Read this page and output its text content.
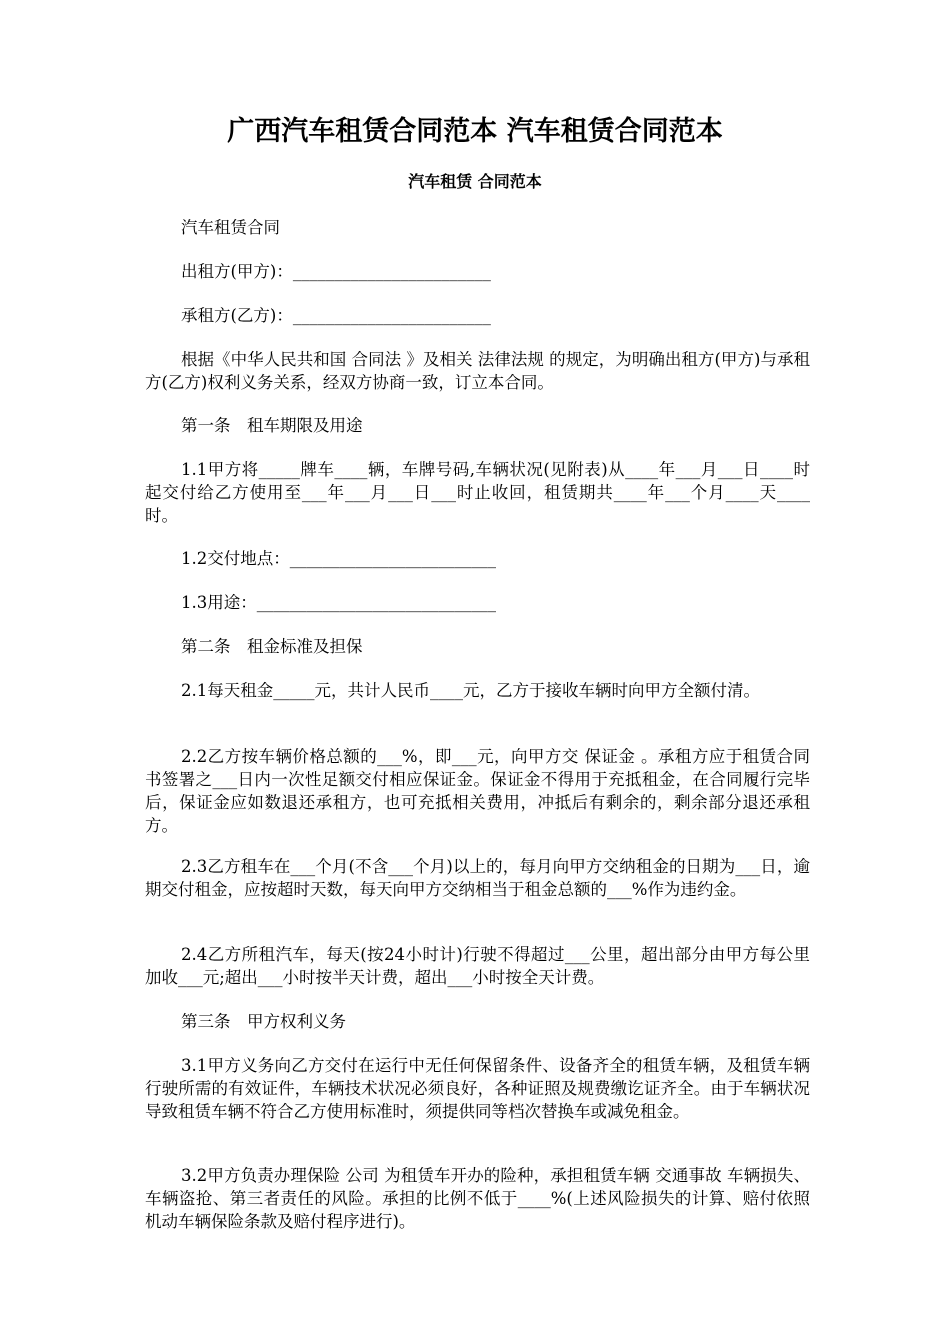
广西汽车租赁合同范本 汽车租赁合同范本
汽车租赁 合同范本

汽车租赁合同

出租方(甲方)：________________________

承租方(乙方)：________________________

根据《中华人民共和国 合同法 》及相关 法律法规 的规定，为明确出租方(甲方)与承租方(乙方)权利义务关系，经双方协商一致，订立本合同。

第一条　租车期限及用途

1.1甲方将_____牌车____辆，车牌号码,车辆状况(见附表)从____年___月___日____时起交付给乙方使用至___年___月___日___时止收回，租赁期共____年___个月____天____时。

1.2交付地点：_________________________

1.3用途：_____________________________

第二条　租金标准及担保

2.1每天租金_____元，共计人民币____元，乙方于接收车辆时向甲方全额付清。

2.2乙方按车辆价格总额的___%，即___元，向甲方交 保证金 。承租方应于租赁合同书签署之___日内一次性足额交付相应保证金。保证金不得用于充抵租金，在合同履行完毕后，保证金应如数退还承租方，也可充抵相关费用，冲抵后有剩余的，剩余部分退还承租方。

2.3乙方租车在___个月(不含___个月)以上的，每月向甲方交纳租金的日期为___日，逾期交付租金，应按超时天数，每天向甲方交纳相当于租金总额的___%作为违约金。

2.4乙方所租汽车，每天(按24小时计)行驶不得超过___公里，超出部分由甲方每公里加收___元;超出___小时按半天计费，超出___小时按全天计费。

第三条　甲方权利义务

3.1甲方义务向乙方交付在运行中无任何保留条件、设备齐全的租赁车辆，及租赁车辆行驶所需的有效证件，车辆技术状况必须良好，各种证照及规费缴讫证齐全。由于车辆状况导致租赁车辆不符合乙方使用标准时，须提供同等档次替换车或减免租金。

3.2甲方负责办理保险 公司 为租赁车开办的险种，承担租赁车辆 交通事故 车辆损失、车辆盗抢、第三者责任的风险。承担的比例不低于____%(上述风险损失的计算、赔付依照机动车辆保险条款及赔付程序进行)。
